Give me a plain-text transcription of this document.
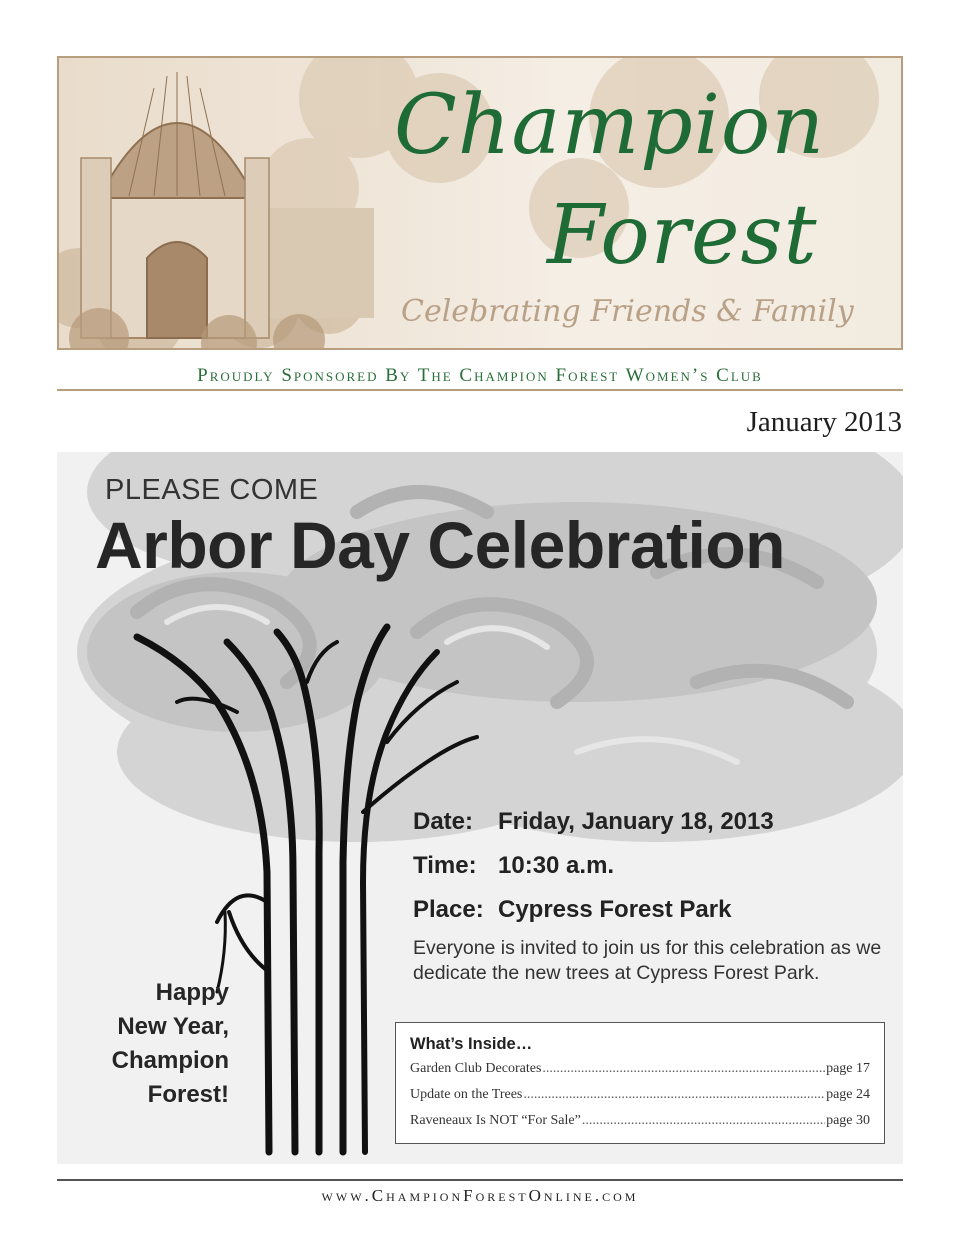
Champion
Forest
Celebrating Friends & Family
Proudly Sponsored By The Champion Forest Women’s Club
January 2013
PLEASE COME
Arbor Day Celebration
Date:	Friday, January 18, 2013
Time: 10:30 a.m.
Place: Cypress Forest Park
Everyone is invited to join us for this celebration as we dedicate the new trees at Cypress Forest Park.
Happy
New Year,
Champion
Forest!
What’s Inside…
Garden Club Decorates .....	page 17
Update on the Trees .....	page 24
Raveneaux Is NOT “For Sale” .....	page 30
www.ChampionForestOnline.com
